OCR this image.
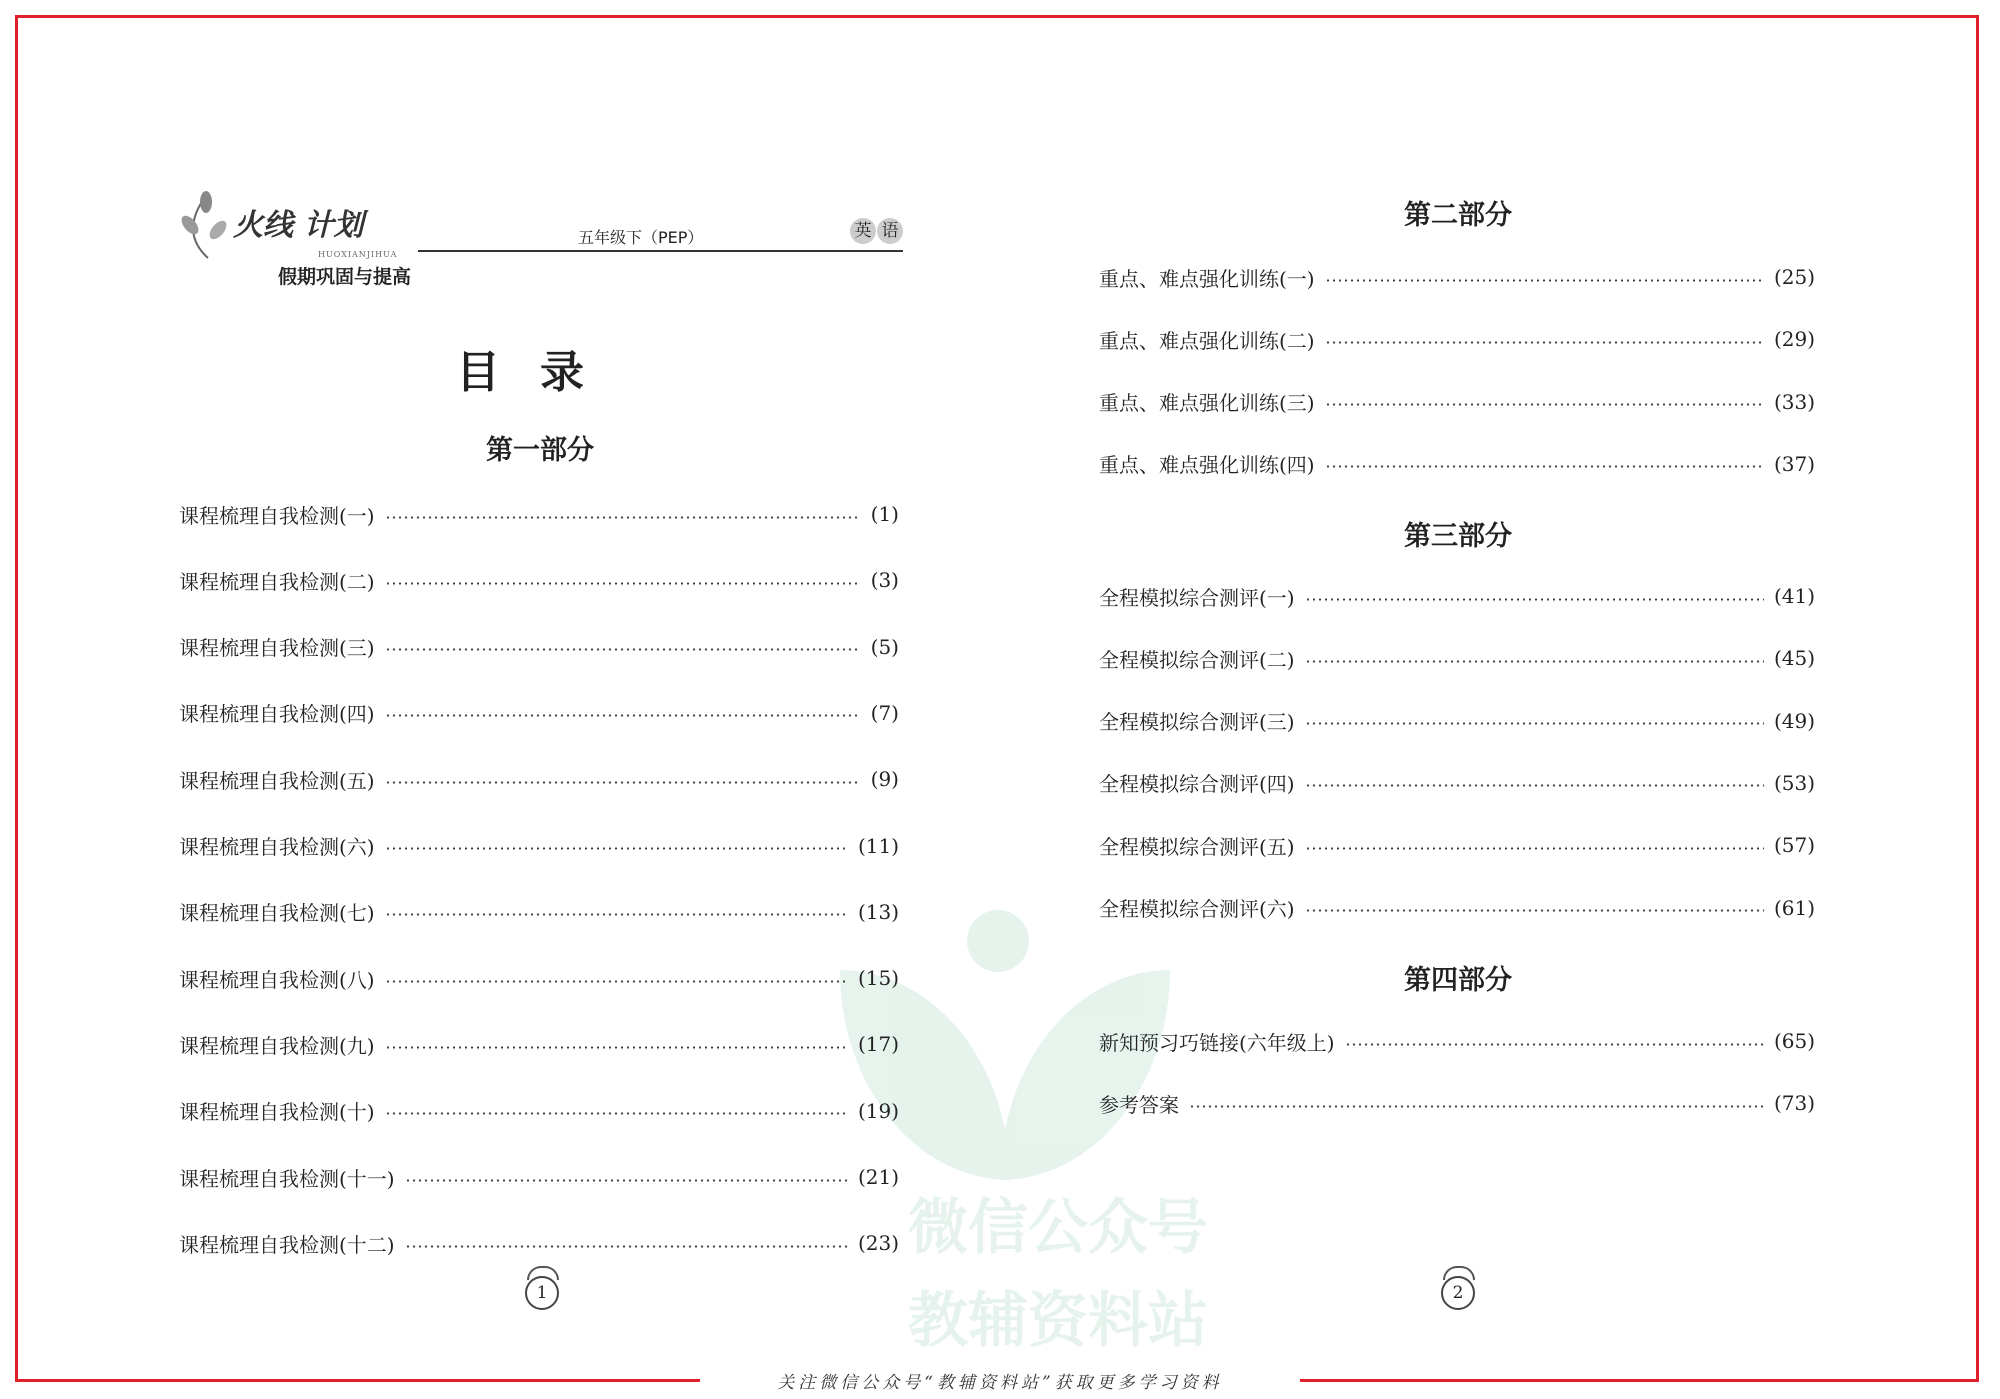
微信公众号
教辅资料站
火线 计划
HUOXIANJIHUA
假期巩固与提高
五年级下（PEP）	英 语
目录
第一部分
第二部分
第三部分
第四部分
课程梳理自我检测(一)	(1)
课程梳理自我检测(二)	(3)
课程梳理自我检测(三)	(5)
课程梳理自我检测(四)	(7)
课程梳理自我检测(五)	(9)
课程梳理自我检测(六)	(11)
课程梳理自我检测(七)	(13)
课程梳理自我检测(八)	(15)
课程梳理自我检测(九)	(17)
课程梳理自我检测(十)	(19)
课程梳理自我检测(十一)	(21)
课程梳理自我检测(十二)	(23)
重点、难点强化训练(一)	(25)
重点、难点强化训练(二)	(29)
重点、难点强化训练(三)	(33)
重点、难点强化训练(四)	(37)
全程模拟综合测评(一)	(41)
全程模拟综合测评(二)	(45)
全程模拟综合测评(三)	(49)
全程模拟综合测评(四)	(53)
全程模拟综合测评(五)	(57)
全程模拟综合测评(六)	(61)
新知预习巧链接(六年级上)	(65)
参考答案	(73)
1	2
关注微信公众号“教辅资料站”获取更多学习资料
